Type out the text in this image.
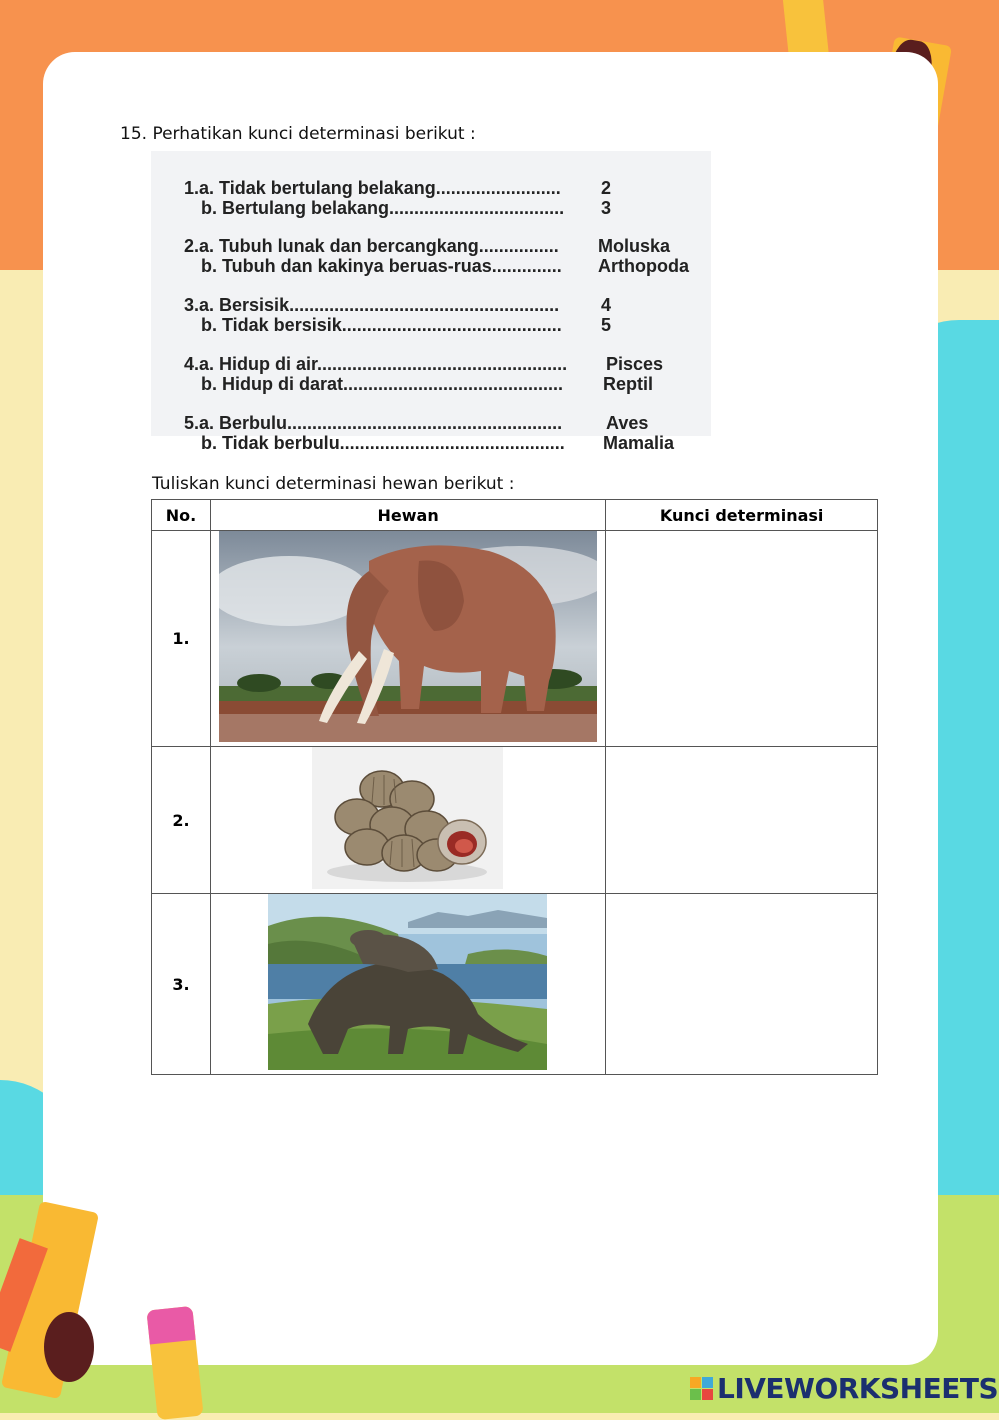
15. Perhatikan kunci determinasi berikut :

1.a. Tidak bertulang belakang......................... 2

b. Bertulang belakang................................... 3

2.a. Tubuh lunak dan bercangkang................ Moluska

b. Tubuh dan kakinya beruas-ruas.............. Arthopoda

3.a. Bersisik...................................................... 4

b. Tidak bersisik............................................ 5

4.a. Hidup di air.................................................. Pisces

b. Hidup di darat............................................ Reptil

5.a. Berbulu....................................................... Aves

b. Tidak berbulu............................................. Mamalia

Tuliskan kunci determinasi hewan berikut :
No.	Hewan	Kunci determinasi
1.	

2.	

3.	

LIVEWORKSHEETS
